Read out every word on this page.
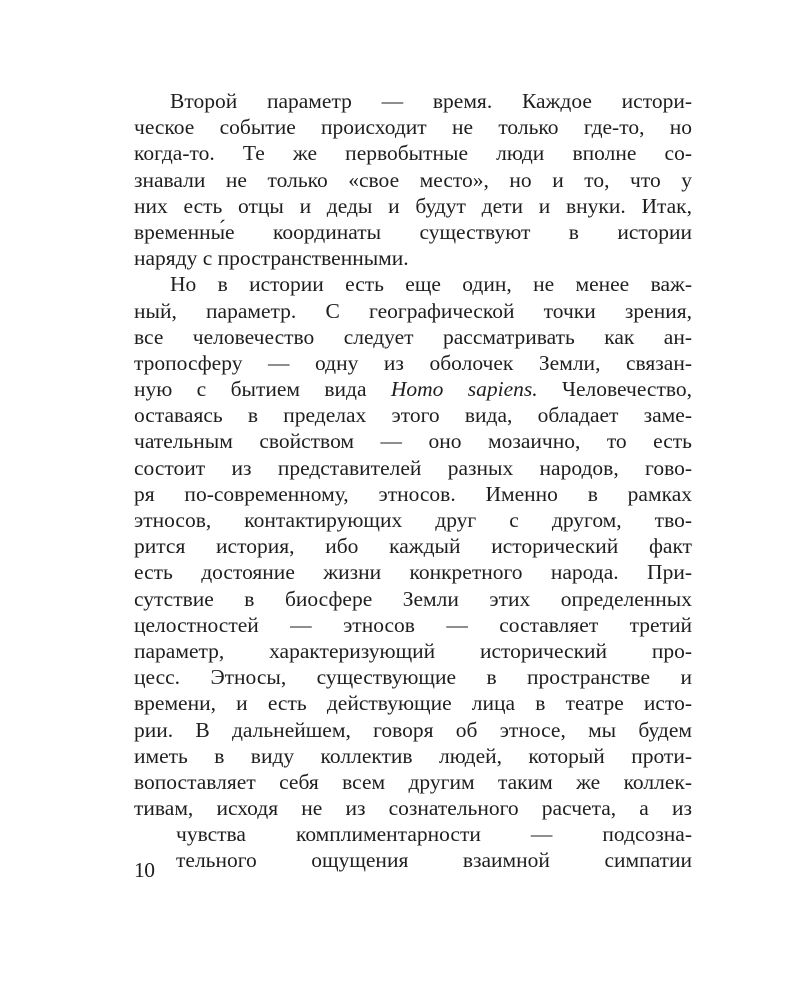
Второй параметр — время. Каждое истори-
ческое событие происходит не только где-то, но
когда-то. Те же первобытные люди вполне со-
знавали не только «свое место», но и то, что у
них есть отцы и деды и будут дети и внуки. Итак,
временны́е координаты существуют в истории
наряду с пространственными.
Но в истории есть еще один, не менее важ-
ный, параметр. С географической точки зрения,
все человечество следует рассматривать как ан-
тропосферу — одну из оболочек Земли, связан-
ную с бытием вида Homo sapiens. Человечество,
оставаясь в пределах этого вида, обладает заме-
чательным свойством — оно мозаично, то есть
состоит из представителей разных народов, гово-
ря по-современному, этносов. Именно в рамках
этносов, контактирующих друг с другом, тво-
рится история, ибо каждый исторический факт
есть достояние жизни конкретного народа. При-
сутствие в биосфере Земли этих определенных
целостностей — этносов — составляет третий
параметр, характеризующий исторический про-
цесс. Этносы, существующие в пространстве и
времени, и есть действующие лица в театре исто-
рии. В дальнейшем, говоря об этносе, мы будем
иметь в виду коллектив людей, который проти-
вопоставляет себя всем другим таким же коллек-
тивам, исходя не из сознательного расчета, а из
чувства комплиментарности — подсозна-
тельного ощущения взаимной симпатии
10
